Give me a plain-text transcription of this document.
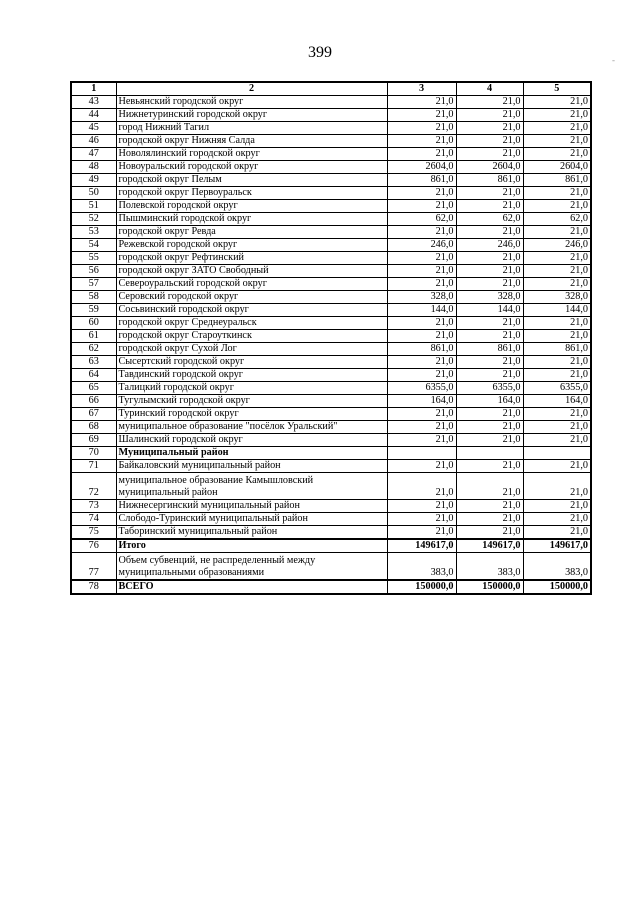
399	-
1	2	3	4	5
43	Невьянский городской округ	21,0	21,0	21,0
44	Нижнетуринский городской округ	21,0	21,0	21,0
45	город Нижний Тагил	21,0	21,0	21,0
46	городской округ Нижняя Салда	21,0	21,0	21,0
47	Новолялинский городской округ	21,0	21,0	21,0
48	Новоуральский городской округ	2604,0	2604,0	2604,0
49	городской округ Пелым	861,0	861,0	861,0
50	городской округ Первоуральск	21,0	21,0	21,0
51	Полевской городской округ	21,0	21,0	21,0
52	Пышминский городской округ	62,0	62,0	62,0
53	городской округ Ревда	21,0	21,0	21,0
54	Режевской городской округ	246,0	246,0	246,0
55	городской округ Рефтинский	21,0	21,0	21,0
56	городской округ ЗАТО Свободный	21,0	21,0	21,0
57	Североуральский городской округ	21,0	21,0	21,0
58	Серовский городской округ	328,0	328,0	328,0
59	Сосьвинский городской округ	144,0	144,0	144,0
60	городской округ Среднеуральск	21,0	21,0	21,0
61	городской округ Староуткинск	21,0	21,0	21,0
62	городской округ Сухой Лог	861,0	861,0	861,0
63	Сысертский городской округ	21,0	21,0	21,0
64	Тавдинский городской округ	21,0	21,0	21,0
65	Талицкий городской округ	6355,0	6355,0	6355,0
66	Тугулымский городской округ	164,0	164,0	164,0
67	Туринский городской округ	21,0	21,0	21,0
68	муниципальное образование "посёлок Уральский"	21,0	21,0	21,0
69	Шалинский городской округ	21,0	21,0	21,0
70	Муниципальный район			
71	Байкаловский муниципальный район	21,0	21,0	21,0
72	муниципальное образование Камышловский
муниципальный район	21,0	21,0	21,0
73	Нижнесергинский муниципальный район	21,0	21,0	21,0
74	Слободо-Туринский муниципальный район	21,0	21,0	21,0
75	Таборинский муниципальный район	21,0	21,0	21,0
76	Итого	149617,0	149617,0	149617,0
77	Объем субвенций, не распределенный между
муниципальными образованиями	383,0	383,0	383,0
78	ВСЕГО	150000,0	150000,0	150000,0
